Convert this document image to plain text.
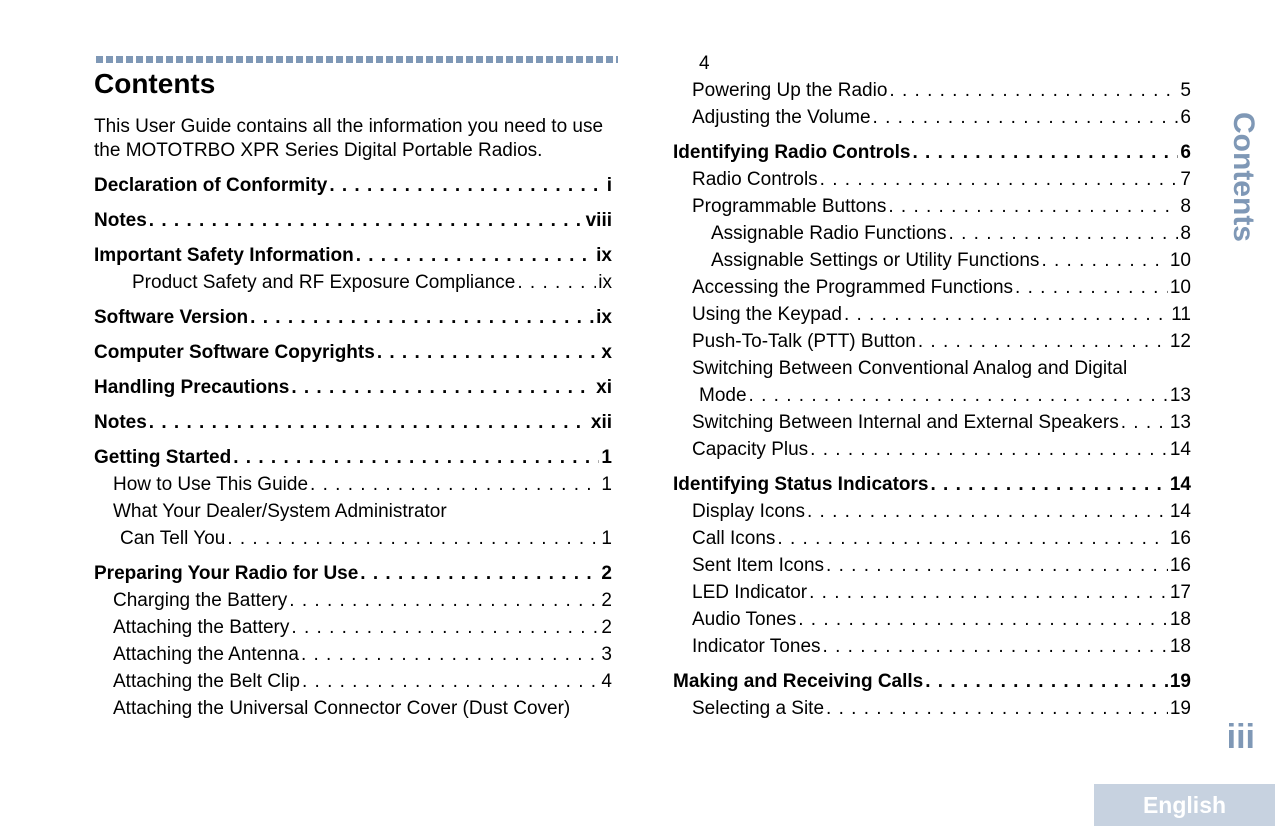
Contents

This User Guide contains all the information you need to use the MOTOTRBO XPR Series Digital Portable Radios.

Declaration of Conformity . . .	i
Notes . . .	viii
Important Safety Information . . .	ix
Product Safety and RF Exposure Compliance . . .	ix
Software Version . . .	ix
Computer Software Copyrights . . .	x
Handling Precautions . . .	xi
Notes . . .	xii
Getting Started . . .	1
How to Use This Guide . . .	1
What Your Dealer/System Administrator
Can Tell You . . .	1
Preparing Your Radio for Use . . .	2
Charging the Battery . . .	2
Attaching the Battery . . .	2
Attaching the Antenna . . .	3
Attaching the Belt Clip . . .	4
Attaching the Universal Connector Cover (Dust Cover)
4
Powering Up the Radio . . .	5
Adjusting the Volume . . .	6
Identifying Radio Controls . . .	6
Radio Controls . . .	7
Programmable Buttons . . .	8
Assignable Radio Functions . . .	8
Assignable Settings or Utility Functions . . .	10
Accessing the Programmed Functions . . .	10
Using the Keypad . . .	11
Push-To-Talk (PTT) Button . . .	12
Switching Between Conventional Analog and Digital
Mode . . .	13
Switching Between Internal and External Speakers . . .	13
Capacity Plus . . .	14
Identifying Status Indicators . . .	14
Display Icons . . .	14
Call Icons . . .	16
Sent Item Icons . . .	16
LED Indicator . . .	17
Audio Tones . . .	18
Indicator Tones . . .	18
Making and Receiving Calls . . .	19
Selecting a Site . . .	19
Contents
iii
English
